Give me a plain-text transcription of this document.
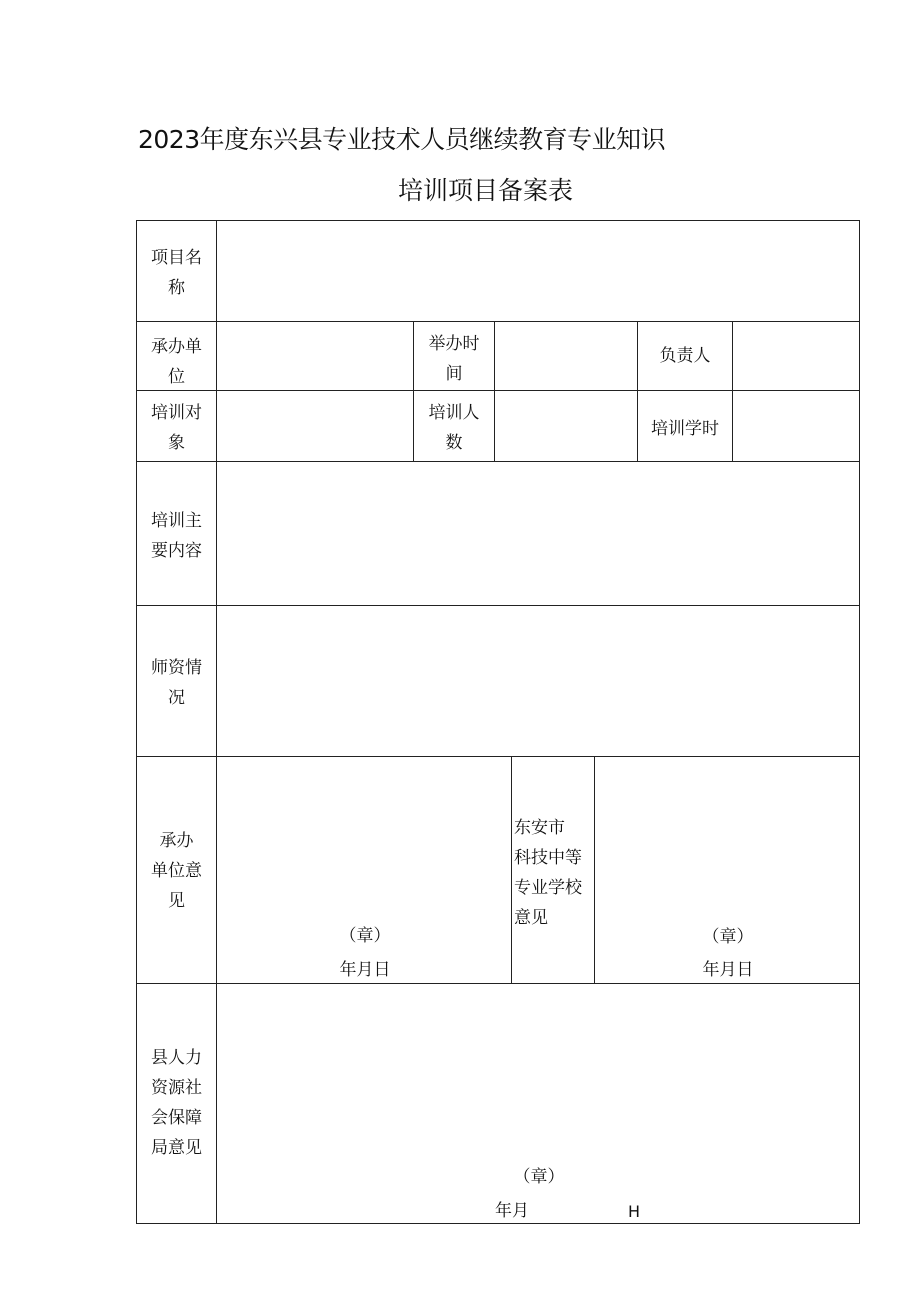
2023年度东兴县专业技术人员继续教育专业知识
培训项目备案表
项目名
称
承办单
位
举办时
间
负责人
培训对
象
培训人
数
培训学时
培训主
要内容
师资情
况
承办
单位意
见
（章）
年月日
东安市
科技中等
专业学校
意见
（章）
年月日
县人力
资源社
会保障
局意见
（章）
年月	H
